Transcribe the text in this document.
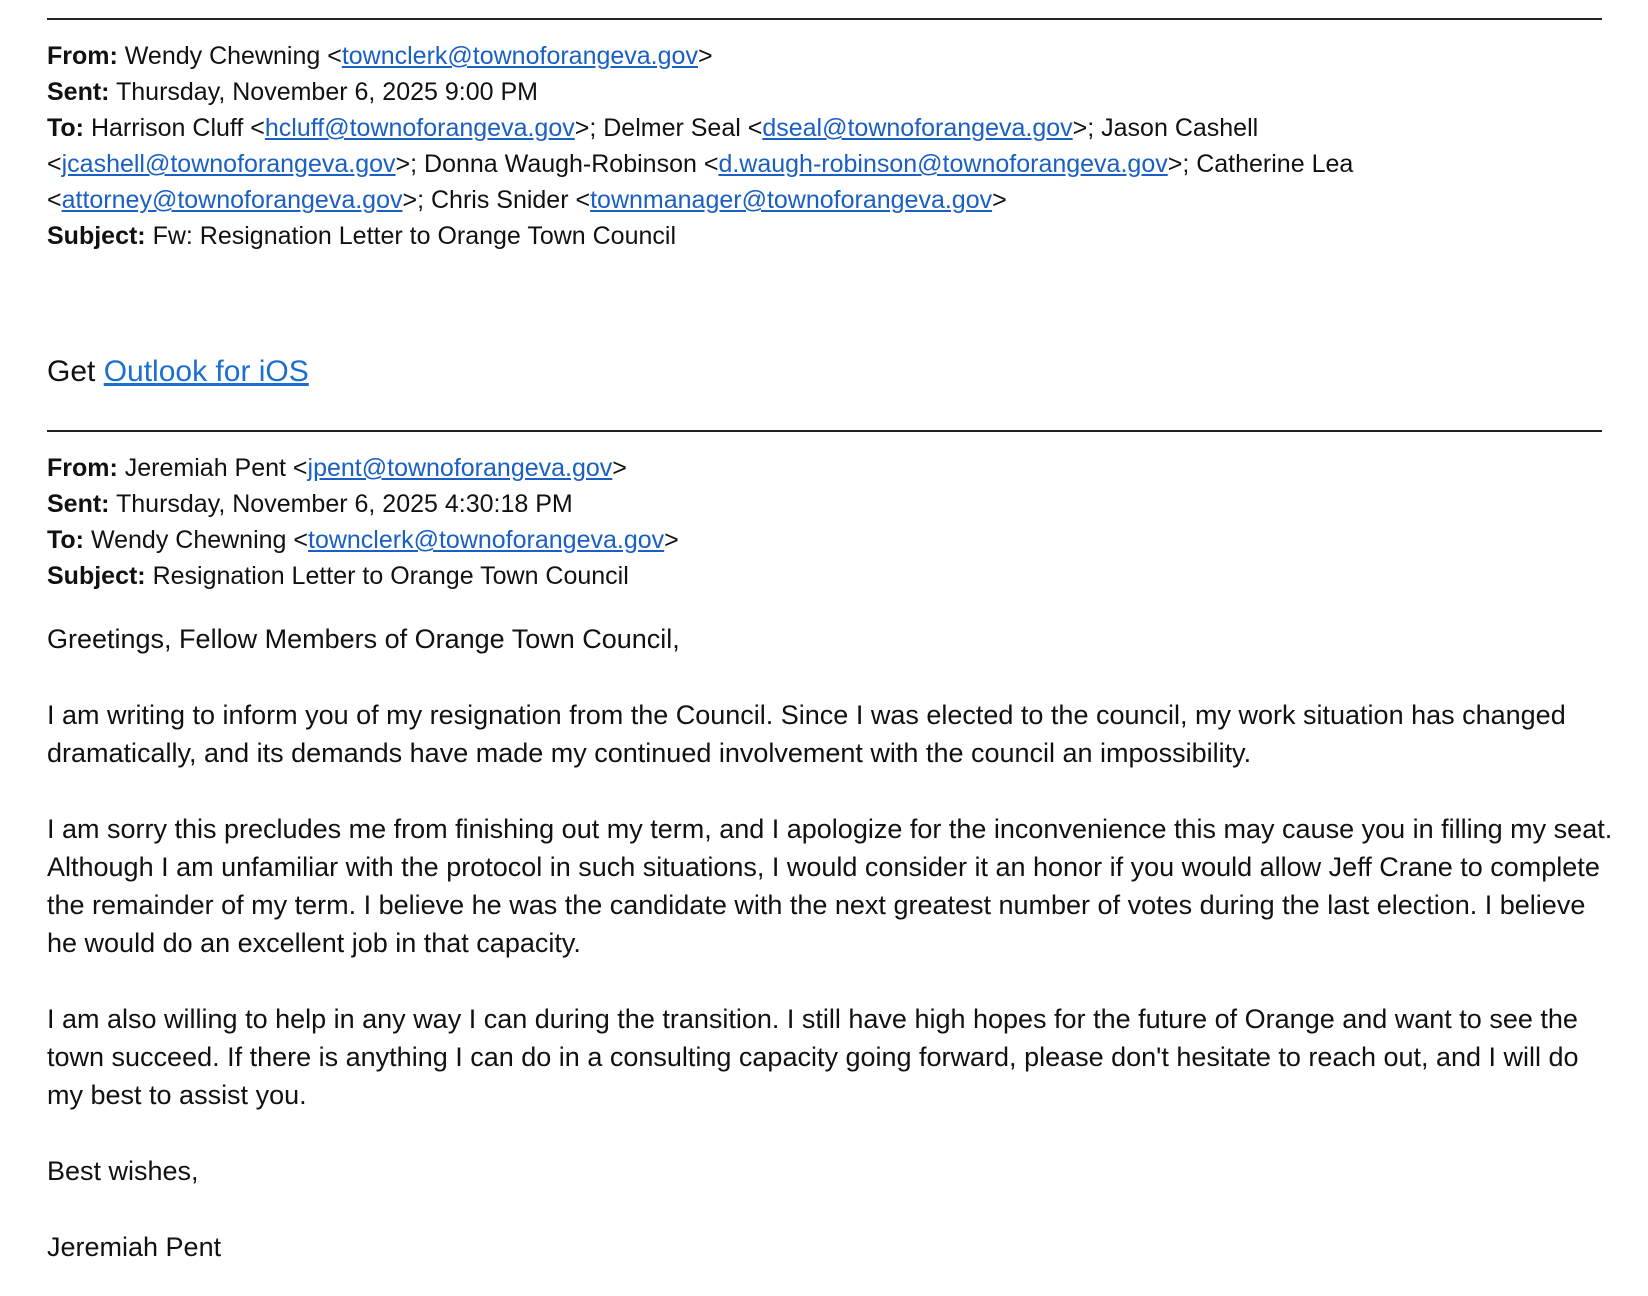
From: Wendy Chewning <townclerk@townoforangeva.gov>
Sent: Thursday, November 6, 2025 9:00 PM
To: Harrison Cluff <hcluff@townoforangeva.gov>; Delmer Seal <dseal@townoforangeva.gov>; Jason Cashell <jcashell@townoforangeva.gov>; Donna Waugh-Robinson <d.waugh-robinson@townoforangeva.gov>; Catherine Lea <attorney@townoforangeva.gov>; Chris Snider <townmanager@townoforangeva.gov>
Subject: Fw: Resignation Letter to Orange Town Council
Get Outlook for iOS
From: Jeremiah Pent <jpent@townoforangeva.gov>
Sent: Thursday, November 6, 2025 4:30:18 PM
To: Wendy Chewning <townclerk@townoforangeva.gov>
Subject: Resignation Letter to Orange Town Council
Greetings, Fellow Members of Orange Town Council,
I am writing to inform you of my resignation from the Council. Since I was elected to the council, my work situation has changed dramatically, and its demands have made my continued involvement with the council an impossibility.
I am sorry this precludes me from finishing out my term, and I apologize for the inconvenience this may cause you in filling my seat. Although I am unfamiliar with the protocol in such situations, I would consider it an honor if you would allow Jeff Crane to complete the remainder of my term. I believe he was the candidate with the next greatest number of votes during the last election. I believe he would do an excellent job in that capacity.
I am also willing to help in any way I can during the transition. I still have high hopes for the future of Orange and want to see the town succeed. If there is anything I can do in a consulting capacity going forward, please don't hesitate to reach out, and I will do my best to assist you.
Best wishes,
Jeremiah Pent
